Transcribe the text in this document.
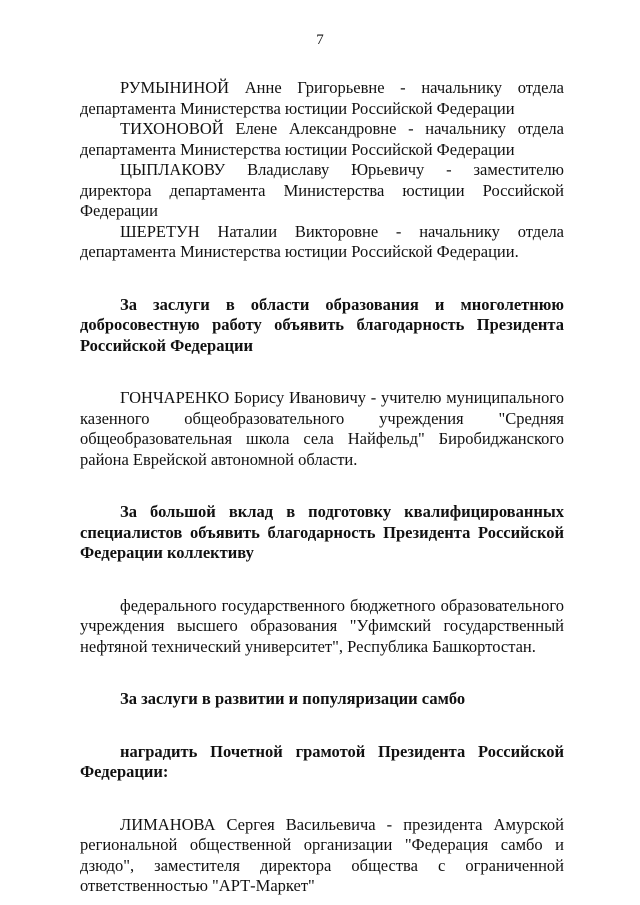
7

РУМЫНИНОЙ Анне Григорьевне - начальнику отдела департамента Министерства юстиции Российской Федерации

ТИХОНОВОЙ Елене Александровне - начальнику отдела департамента Министерства юстиции Российской Федерации

ЦЫПЛАКОВУ Владиславу Юрьевичу - заместителю директора департамента Министерства юстиции Российской Федерации

ШЕРЕТУН Наталии Викторовне - начальнику отдела департамента Министерства юстиции Российской Федерации.

За заслуги в области образования и многолетнюю добросовестную работу объявить благодарность Президента Российской Федерации

ГОНЧАРЕНКО Борису Ивановичу - учителю муниципального казенного общеобразовательного учреждения "Средняя общеобразовательная школа села Найфельд" Биробиджанского района Еврейской автономной области.

За большой вклад в подготовку квалифицированных специалистов объявить благодарность Президента Российской Федерации коллективу

федерального государственного бюджетного образовательного учреждения высшего образования "Уфимский государственный нефтяной технический университет", Республика Башкортостан.

За заслуги в развитии и популяризации самбо

наградить Почетной грамотой Президента Российской Федерации:

ЛИМАНОВА Сергея Васильевича - президента Амурской региональной общественной организации "Федерация самбо и дзюдо", заместителя директора общества с ограниченной ответственностью "АРТ-Маркет"
